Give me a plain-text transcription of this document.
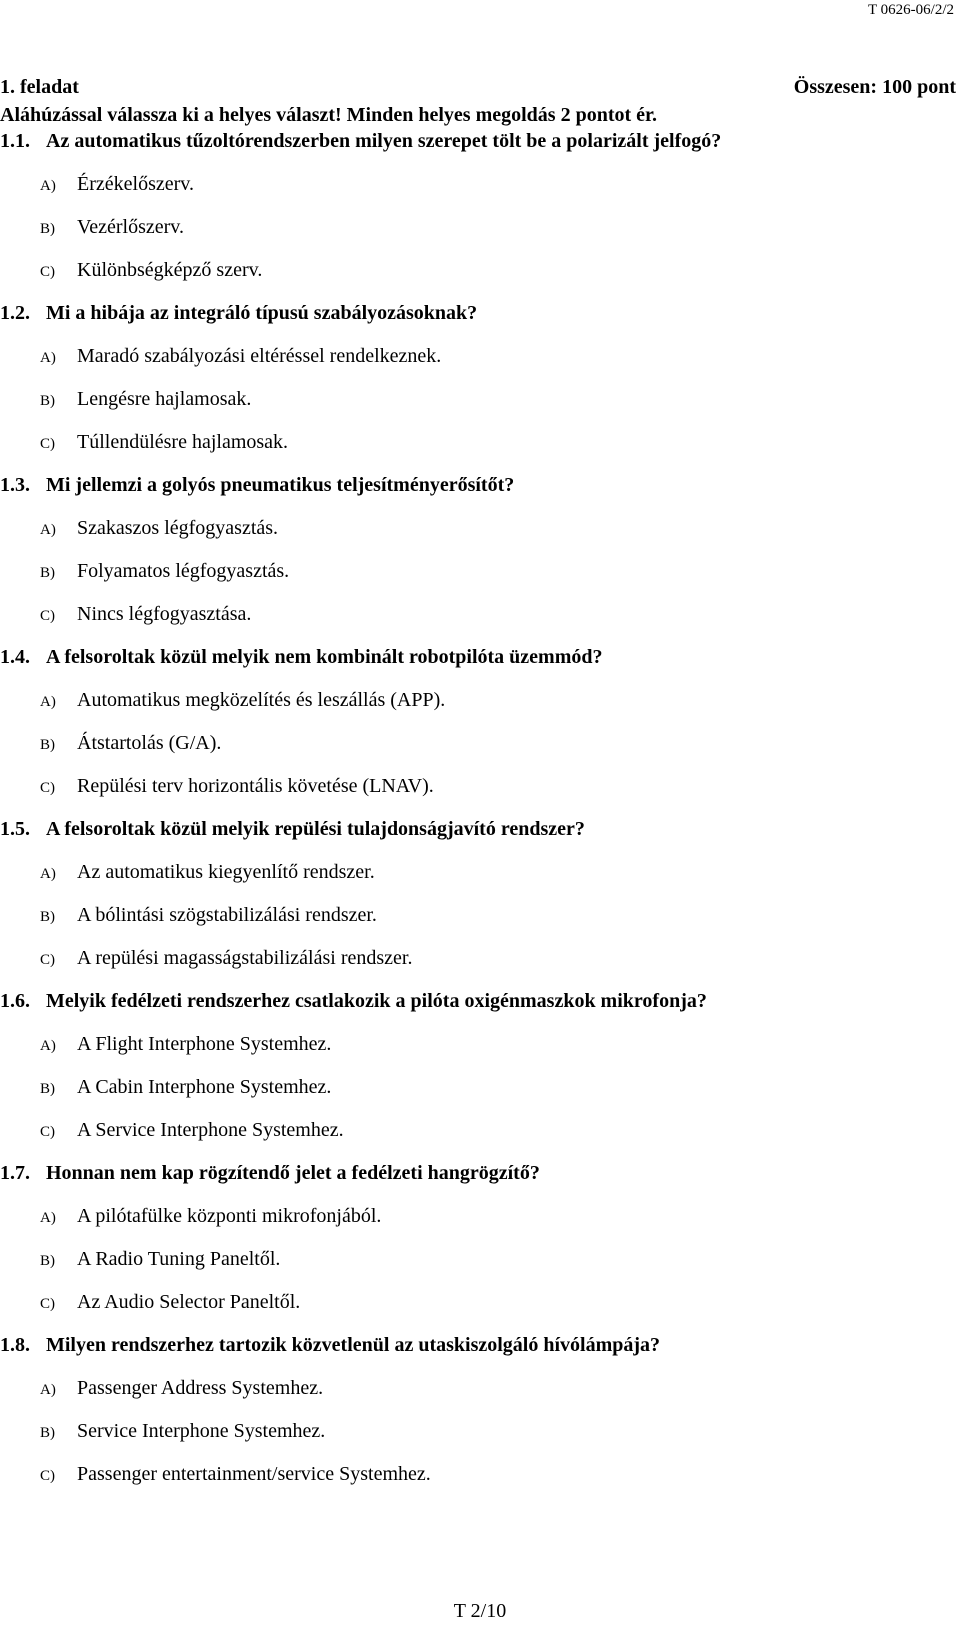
T 0626-06/2/2
1. feladat	Összesen: 100 pont
Aláhúzással válassza ki a helyes választ! Minden helyes megoldás 2 pontot ér.
1.1. Az automatikus tűzoltórendszerben milyen szerepet tölt be a polarizált jelfogó?
A) Érzékelőszerv.
B) Vezérlőszerv.
C) Különbségképző szerv.
1.2. Mi a hibája az integráló típusú szabályozásoknak?
A) Maradó szabályozási eltéréssel rendelkeznek.
B) Lengésre hajlamosak.
C) Túllendülésre hajlamosak.
1.3. Mi jellemzi a golyós pneumatikus teljesítményerősítőt?
A) Szakaszos légfogyasztás.
B) Folyamatos légfogyasztás.
C) Nincs légfogyasztása.
1.4. A felsoroltak közül melyik nem kombinált robotpilóta üzemmód?
A) Automatikus megközelítés és leszállás (APP).
B) Átstartolás (G/A).
C) Repülési terv horizontális követése (LNAV).
1.5. A felsoroltak közül melyik repülési tulajdonságjavító rendszer?
A) Az automatikus kiegyenlítő rendszer.
B) A bólintási szögstabilizálási rendszer.
C) A repülési magasságstabilizálási rendszer.
1.6. Melyik fedélzeti rendszerhez csatlakozik a pilóta oxigénmaszkok mikrofonja?
A) A Flight Interphone Systemhez.
B) A Cabin Interphone Systemhez.
C) A Service Interphone Systemhez.
1.7. Honnan nem kap rögzítendő jelet a fedélzeti hangrögzítő?
A) A pilótafülke központi mikrofonjából.
B) A Radio Tuning Paneltől.
C) Az Audio Selector Paneltől.
1.8. Milyen rendszerhez tartozik közvetlenül az utaskiszolgáló hívólámpája?
A) Passenger Address Systemhez.
B) Service Interphone Systemhez.
C) Passenger entertainment/service Systemhez.
T 2/10
